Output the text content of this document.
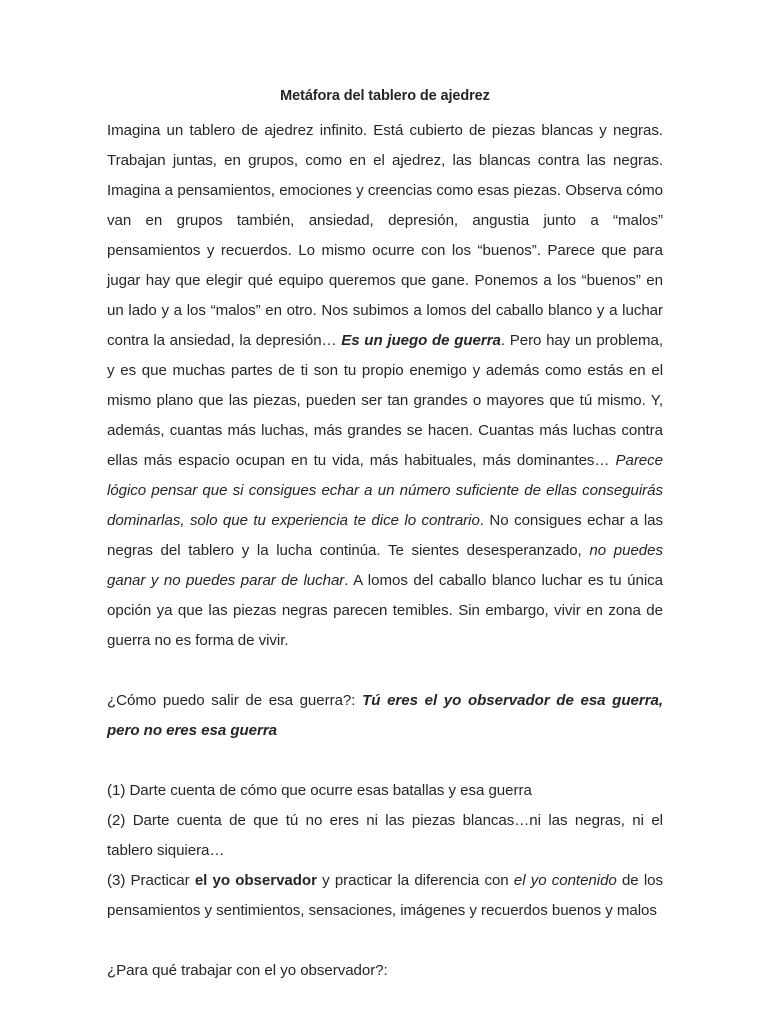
Metáfora del tablero de ajedrez

Imagina un tablero de ajedrez infinito. Está cubierto de piezas blancas y negras. Trabajan juntas, en grupos, como en el ajedrez, las blancas contra las negras. Imagina a pensamientos, emociones y creencias como esas piezas. Observa cómo van en grupos también, ansiedad, depresión, angustia junto a “malos” pensamientos y recuerdos. Lo mismo ocurre con los “buenos”. Parece que para jugar hay que elegir qué equipo queremos que gane. Ponemos a los “buenos” en un lado y a los “malos” en otro. Nos subimos a lomos del caballo blanco y a luchar contra la ansiedad, la depresión… Es un juego de guerra. Pero hay un problema, y es que muchas partes de ti son tu propio enemigo y además como estás en el mismo plano que las piezas, pueden ser tan grandes o mayores que tú mismo. Y, además, cuantas más luchas, más grandes se hacen. Cuantas más luchas contra ellas más espacio ocupan en tu vida, más habituales, más dominantes… Parece lógico pensar que si consigues echar a un número suficiente de ellas conseguirás dominarlas, solo que tu experiencia te dice lo contrario. No consigues echar a las negras del tablero y la lucha continúa. Te sientes desesperanzado, no puedes ganar y no puedes parar de luchar. A lomos del caballo blanco luchar es tu única opción ya que las piezas negras parecen temibles. Sin embargo, vivir en zona de guerra no es forma de vivir.

¿Cómo puedo salir de esa guerra?: Tú eres el yo observador de esa guerra, pero no eres esa guerra

(1) Darte cuenta de cómo que ocurre esas batallas y esa guerra

(2) Darte cuenta de que tú no eres ni las piezas blancas…ni las negras, ni el tablero siquiera…

(3) Practicar el yo observador y practicar la diferencia con el yo contenido de los pensamientos y sentimientos, sensaciones, imágenes y recuerdos buenos y malos

¿Para qué trabajar con el yo observador?:
